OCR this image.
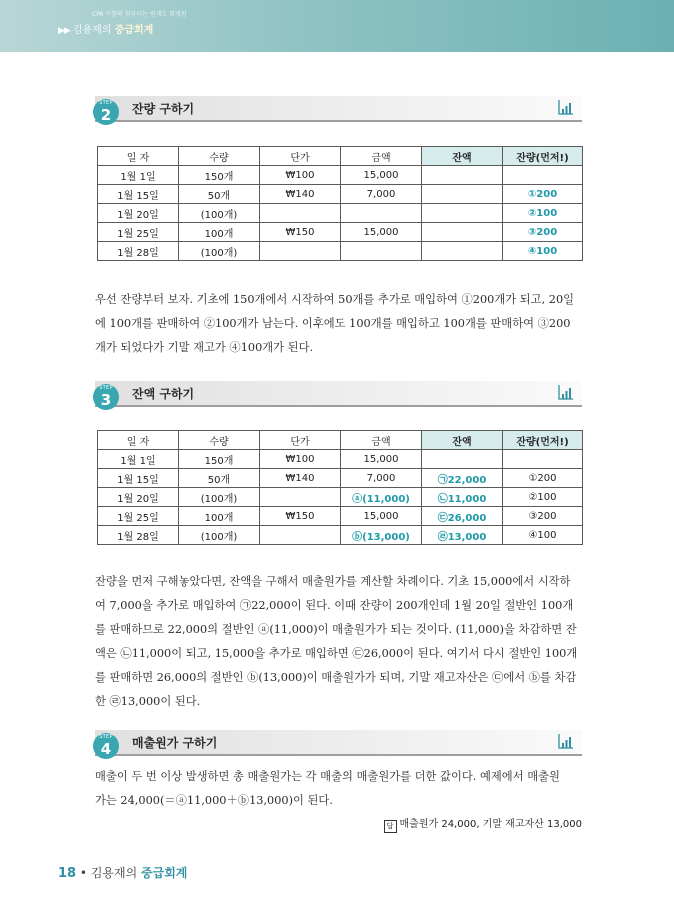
CPA 수험의 첨부터는 원재도 회계원
▶▶ 김용재의 중급회계
STEP
2	잔량 구하기
일 자	수량	단가	금액	잔액	잔량(먼저!)
1월 1일	150개	₩100	15,000		
1월 15일	50개	₩140	7,000		①200
1월 20일	(100개)				②100
1월 25일	100개	₩150	15,000		③200
1월 28일	(100개)				④100

우선 잔량부터 보자. 기초에 150개에서 시작하여 50개를 추가로 매입하여 ①200개가 되고, 20일

에 100개를 판매하여 ②100개가 남는다. 이후에도 100개를 매입하고 100개를 판매하여 ③200

개가 되었다가 기말 재고가 ④100개가 된다.

STEP
3	잔액 구하기
일 자	수량	단가	금액	잔액	잔량(먼저!)
1월 1일	150개	₩100	15,000		
1월 15일	50개	₩140	7,000	㉠22,000	①200
1월 20일	(100개)		ⓐ(11,000)	㉡11,000	②100
1월 25일	100개	₩150	15,000	㉢26,000	③200
1월 28일	(100개)		ⓑ(13,000)	㉣13,000	④100

잔량을 먼저 구해놓았다면, 잔액을 구해서 매출원가를 계산할 차례이다. 기초 15,000에서 시작하

여 7,000을 추가로 매입하여 ㉠22,000이 된다. 이때 잔량이 200개인데 1월 20일 절반인 100개

를 판매하므로 22,000의 절반인 ⓐ(11,000)이 매출원가가 되는 것이다. (11,000)을 차감하면 잔

액은 ㉡11,000이 되고, 15,000을 추가로 매입하면 ㉢26,000이 된다. 여기서 다시 절반인 100개

를 판매하면 26,000의 절반인 ⓑ(13,000)이 매출원가가 되며, 기말 재고자산은 ㉢에서 ⓑ를 차감

한 ㉣13,000이 된다.

STEP
4	매출원가 구하기

매출이 두 번 이상 발생하면 총 매출원가는 각 매출의 매출원가를 더한 값이다. 예제에서 매출원

가는 24,000(＝ⓐ11,000＋ⓑ13,000)이 된다.

답 매출원가 24,000, 기말 재고자산 13,000
18 • 김용재의 중급회계
